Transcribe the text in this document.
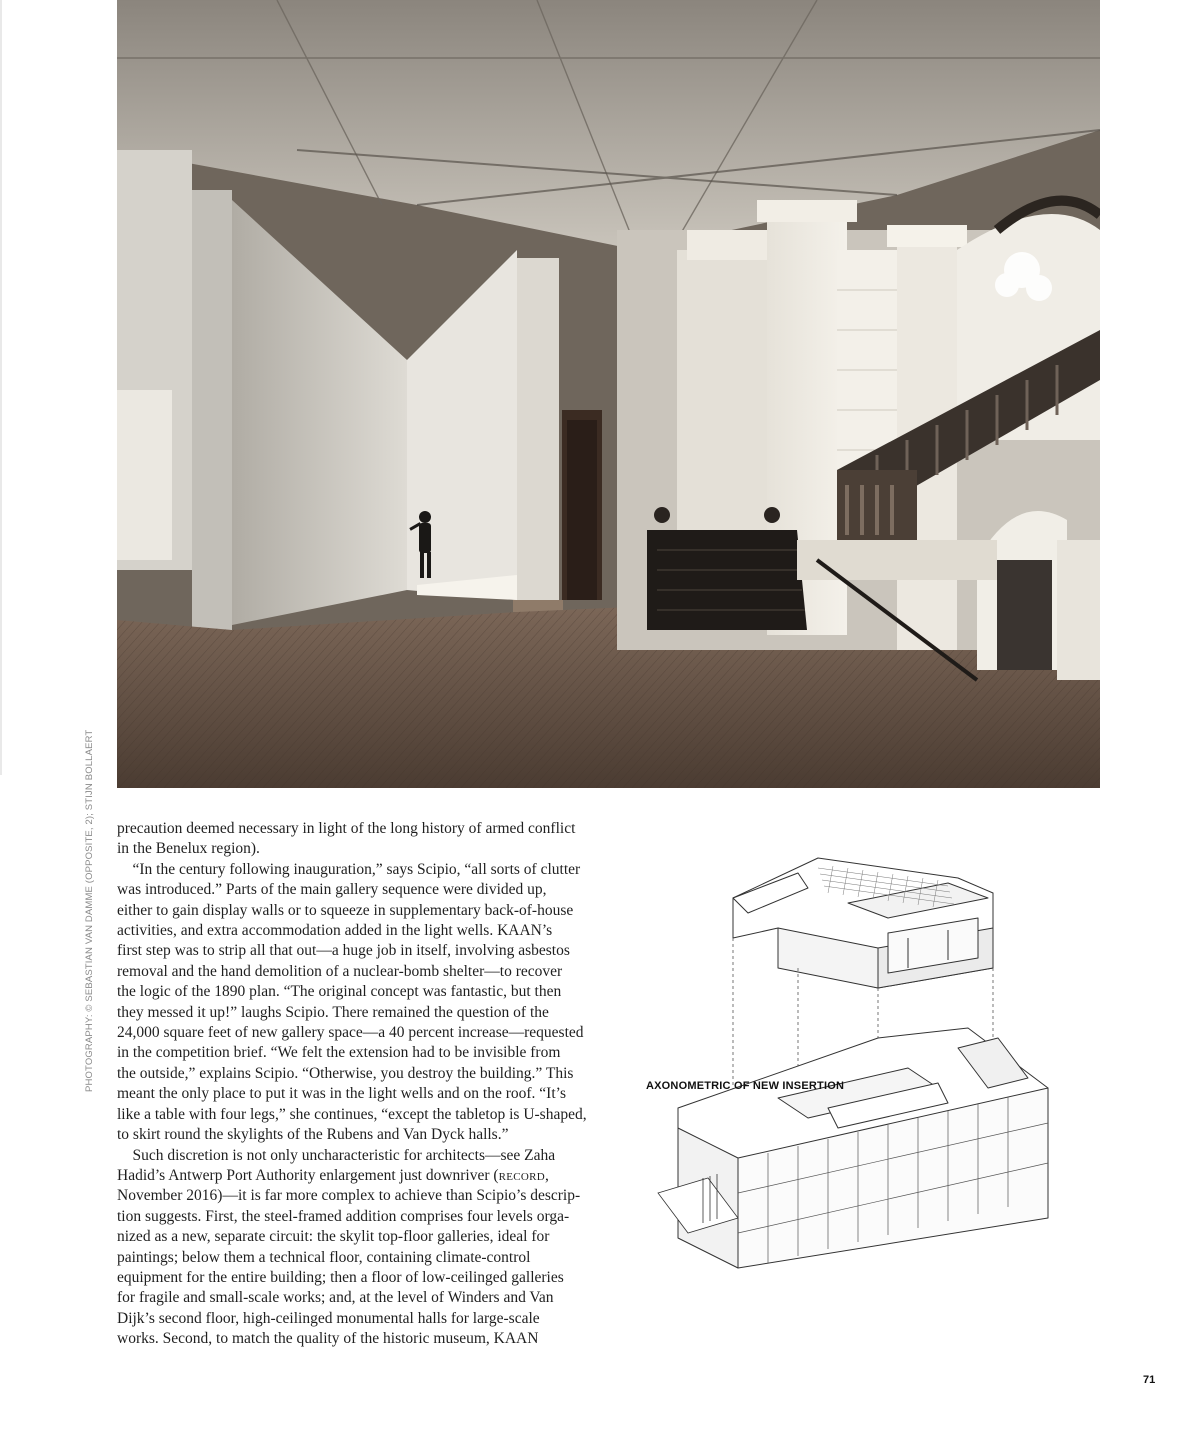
PHOTOGRAPHY: © SEBASTIAN VAN DAMME (OPPOSITE, 2); STIJN BOLLAERT precaution deemed necessary in light of the long history of armed conflict
in the Benelux region).
“In the century following inauguration,” says Scipio, “all sorts of clutter
was introduced.” Parts of the main gallery sequence were divided up,
either to gain display walls or to squeeze in supplementary back-of-house
activities, and extra accommodation added in the light wells. KAAN’s
first step was to strip all that out—a huge job in itself, involving asbestos
removal and the hand demolition of a nuclear-bomb shelter—to recover
the logic of the 1890 plan. “The original concept was fantastic, but then
they messed it up!” laughs Scipio. There remained the question of the
24,000 square feet of new gallery space—a 40 percent increase—requested
in the competition brief. “We felt the extension had to be invisible from
the outside,” explains Scipio. “Otherwise, you destroy the building.” This
meant the only place to put it was in the light wells and on the roof. “It’s
like a table with four legs,” she continues, “except the tabletop is U-shaped,
to skirt round the skylights of the Rubens and Van Dyck halls.”
Such discretion is not only uncharacteristic for architects—see Zaha
Hadid’s Antwerp Port Authority enlargement just downriver (record,
November 2016)—it is far more complex to achieve than Scipio’s descrip-
tion suggests. First, the steel-framed addition comprises four levels orga-
nized as a new, separate circuit: the skylit top-floor galleries, ideal for
paintings; below them a technical floor, containing climate-control
equipment for the entire building; then a floor of low-ceilinged galleries
for fragile and small-scale works; and, at the level of Winders and Van
Dijk’s second floor, high-ceilinged monumental halls for large-scale
works. Second, to match the quality of the historic museum, KAAN
AXONOMETRIC OF NEW INSERTION
71
